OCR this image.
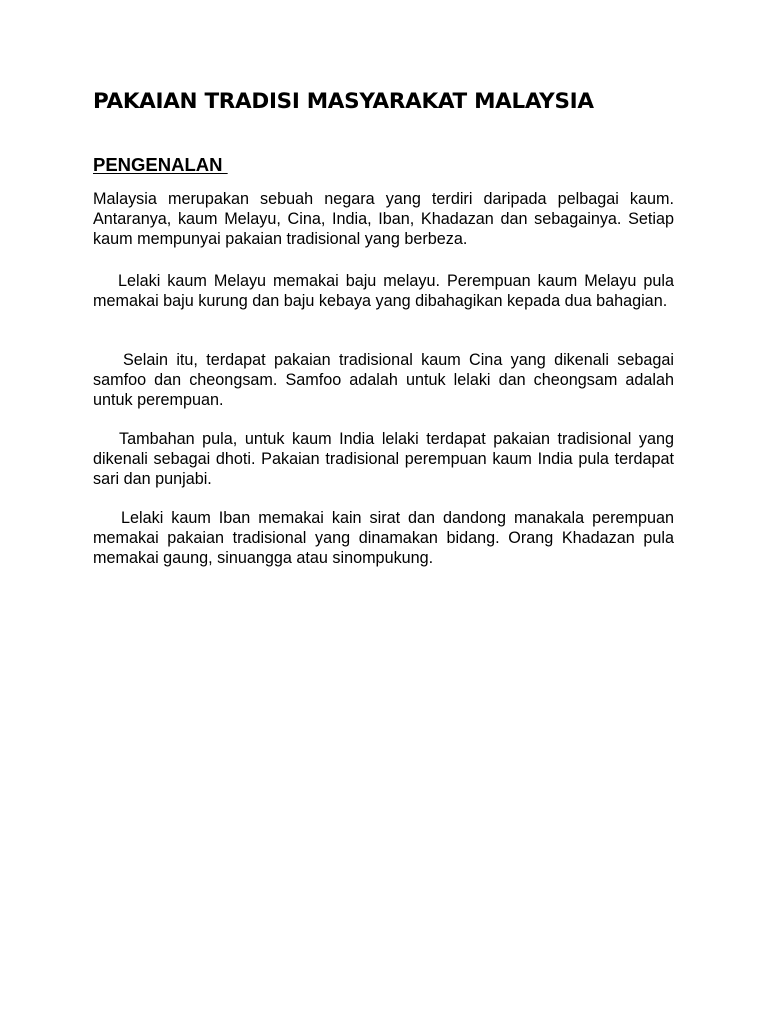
PAKAIAN TRADISI MASYARAKAT MALAYSIA
PENGENALAN

Malaysia merupakan sebuah negara yang terdiri daripada pelbagai kaum. Antaranya, kaum Melayu, Cina, India, Iban, Khadazan dan sebagainya. Setiap kaum mempunyai pakaian tradisional yang berbeza.

Lelaki kaum Melayu memakai baju melayu. Perempuan kaum Melayu pula memakai baju kurung dan baju kebaya yang dibahagikan kepada dua bahagian.

Selain itu, terdapat pakaian tradisional kaum Cina yang dikenali sebagai samfoo dan cheongsam. Samfoo adalah untuk lelaki dan cheongsam adalah untuk perempuan.

Tambahan pula, untuk kaum India lelaki terdapat pakaian tradisional yang dikenali sebagai dhoti. Pakaian tradisional perempuan kaum India pula terdapat sari dan punjabi.

Lelaki kaum Iban memakai kain sirat dan dandong manakala perempuan memakai pakaian tradisional yang dinamakan bidang. Orang Khadazan pula memakai gaung, sinuangga atau sinompukung.
